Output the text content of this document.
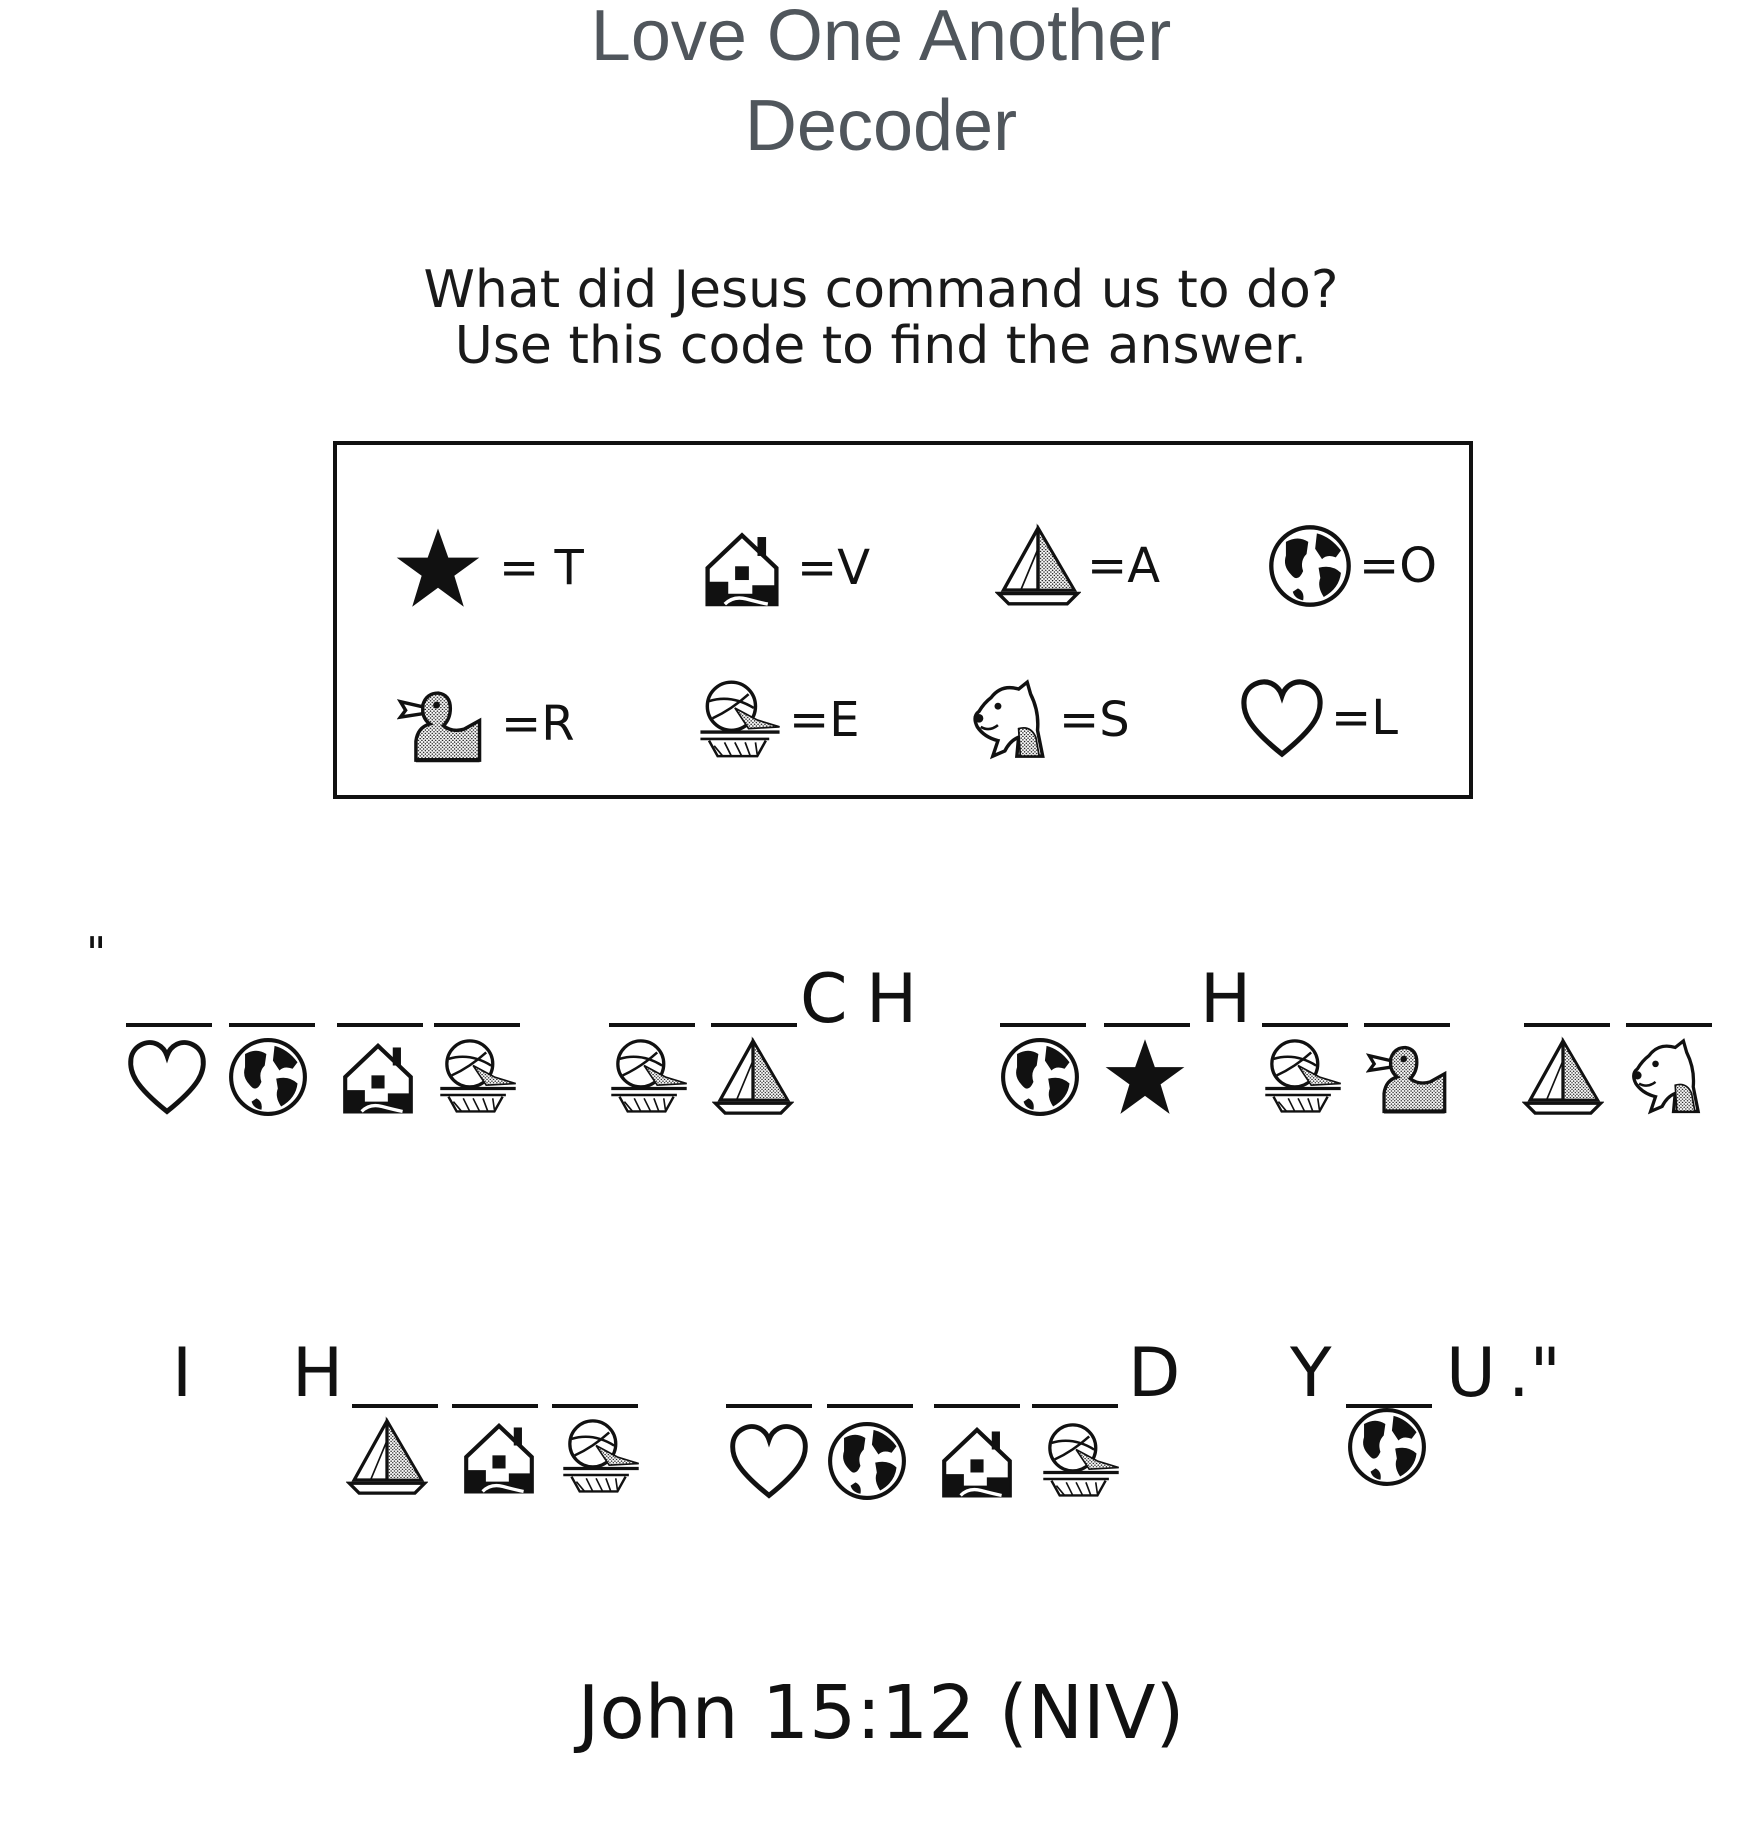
Love One Another
Decoder
What did Jesus command us to do?
Use this code to find the answer.
= T	=V	=A	=O
=R	=E	=S	=L
"
C H	H
I H	D Y U ."
John 15:12 (NIV)
